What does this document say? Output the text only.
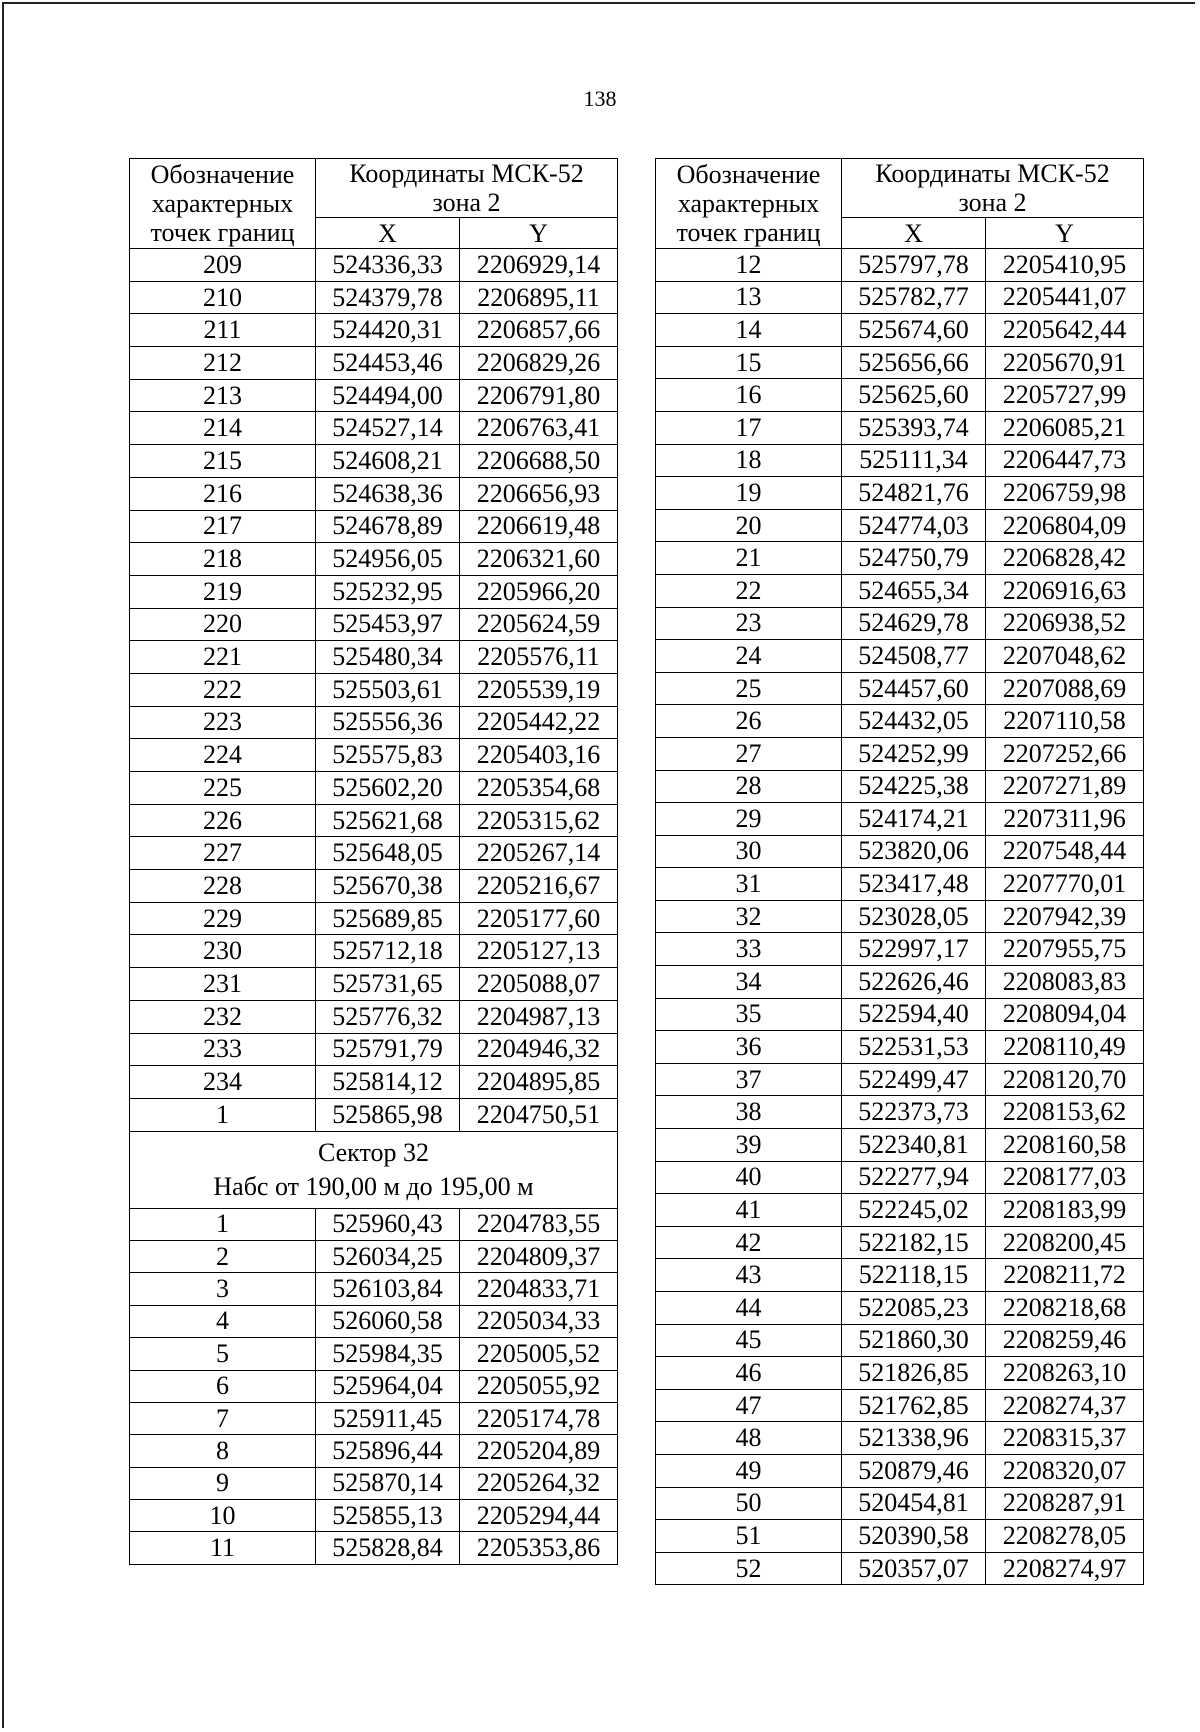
138
Обозначение характерных точек границ	Координаты МСК-52 зона 2	
	X	Y
209	524336,33	2206929,14
210	524379,78	2206895,11
211	524420,31	2206857,66
212	524453,46	2206829,26
213	524494,00	2206791,80
214	524527,14	2206763,41
215	524608,21	2206688,50
216	524638,36	2206656,93
217	524678,89	2206619,48
218	524956,05	2206321,60
219	525232,95	2205966,20
220	525453,97	2205624,59
221	525480,34	2205576,11
222	525503,61	2205539,19
223	525556,36	2205442,22
224	525575,83	2205403,16
225	525602,20	2205354,68
226	525621,68	2205315,62
227	525648,05	2205267,14
228	525670,38	2205216,67
229	525689,85	2205177,60
230	525712,18	2205127,13
231	525731,65	2205088,07
232	525776,32	2204987,13
233	525791,79	2204946,32
234	525814,12	2204895,85
1	525865,98	2204750,51

Сектор 32
Набс от 190,00 м до 195,00 м		

1	525960,43	2204783,55
2	526034,25	2204809,37
3	526103,84	2204833,71
4	526060,58	2205034,33
5	525984,35	2205005,52
6	525964,04	2205055,92
7	525911,45	2205174,78
8	525896,44	2205204,89
9	525870,14	2205264,32
10	525855,13	2205294,44
11	525828,84	2205353,86
Обозначение характерных точек границ	Координаты МСК-52 зона 2	
	X	Y
12	525797,78	2205410,95
13	525782,77	2205441,07
14	525674,60	2205642,44
15	525656,66	2205670,91
16	525625,60	2205727,99
17	525393,74	2206085,21
18	525111,34	2206447,73
19	524821,76	2206759,98
20	524774,03	2206804,09
21	524750,79	2206828,42
22	524655,34	2206916,63
23	524629,78	2206938,52
24	524508,77	2207048,62
25	524457,60	2207088,69
26	524432,05	2207110,58
27	524252,99	2207252,66
28	524225,38	2207271,89
29	524174,21	2207311,96
30	523820,06	2207548,44
31	523417,48	2207770,01
32	523028,05	2207942,39
33	522997,17	2207955,75
34	522626,46	2208083,83
35	522594,40	2208094,04
36	522531,53	2208110,49
37	522499,47	2208120,70
38	522373,73	2208153,62
39	522340,81	2208160,58
40	522277,94	2208177,03
41	522245,02	2208183,99
42	522182,15	2208200,45
43	522118,15	2208211,72
44	522085,23	2208218,68
45	521860,30	2208259,46
46	521826,85	2208263,10
47	521762,85	2208274,37
48	521338,96	2208315,37
49	520879,46	2208320,07
50	520454,81	2208287,91
51	520390,58	2208278,05
52	520357,07	2208274,97
